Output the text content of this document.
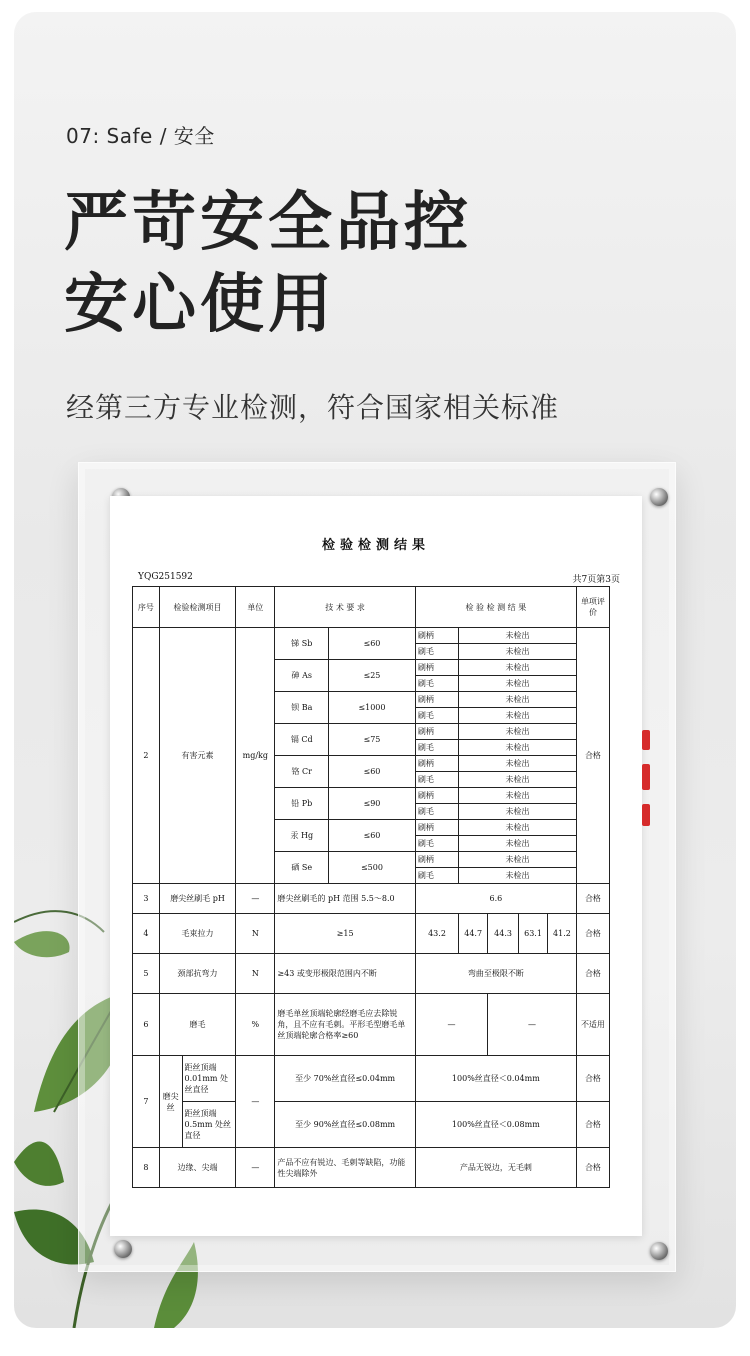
07: Safe / 安全
严苛安全品控
安心使用
经第三方专业检测，符合国家相关标准
检验检测结果
YQG251592	共7页第3页
序号	检验检测项目		单位	技 术 要 求		检 验 检 测 结 果					单项评价
2	有害元素		mg/kg	锑 Sb	≤60	刷柄	未检出				合格
						刷毛	未检出				
				砷 As	≤25	刷柄	未检出				
						刷毛	未检出				
				钡 Ba	≤1000	刷柄	未检出				
						刷毛	未检出				
				镉 Cd	≤75	刷柄	未检出				
						刷毛	未检出				
				铬 Cr	≤60	刷柄	未检出				
						刷毛	未检出				
				铅 Pb	≤90	刷柄	未检出				
						刷毛	未检出				
				汞 Hg	≤60	刷柄	未检出				
						刷毛	未检出				
				硒 Se	≤500	刷柄	未检出				
						刷毛	未检出				
3	磨尖丝刷毛 pH		—	磨尖丝刷毛的 pH 范围 5.5～8.0		6.6					合格
4	毛束拉力		N	≥15		43.2	44.7	44.3	63.1	41.2	合格
5	颈部抗弯力		N	≥43 或变形极限范围内不断		弯曲至极限不断					合格
6	磨毛		%	磨毛单丝顶端轮廓经磨毛应去除锐角，且不应有毛刺。平形毛型磨毛单丝顶端轮廓合格率≥60		—		—			不适用
7	磨尖丝	距丝顶端 0.01mm 处丝直径	—	至少 70%丝直径≤0.04mm		100%丝直径＜0.04mm					合格
		距丝顶端 0.5mm 处丝直径		至少 90%丝直径≤0.08mm		100%丝直径＜0.08mm					合格
8	边缘、尖端		—	产品不应有锐边、毛刺等缺陷，功能性尖端除外		产品无锐边，无毛刺					合格
